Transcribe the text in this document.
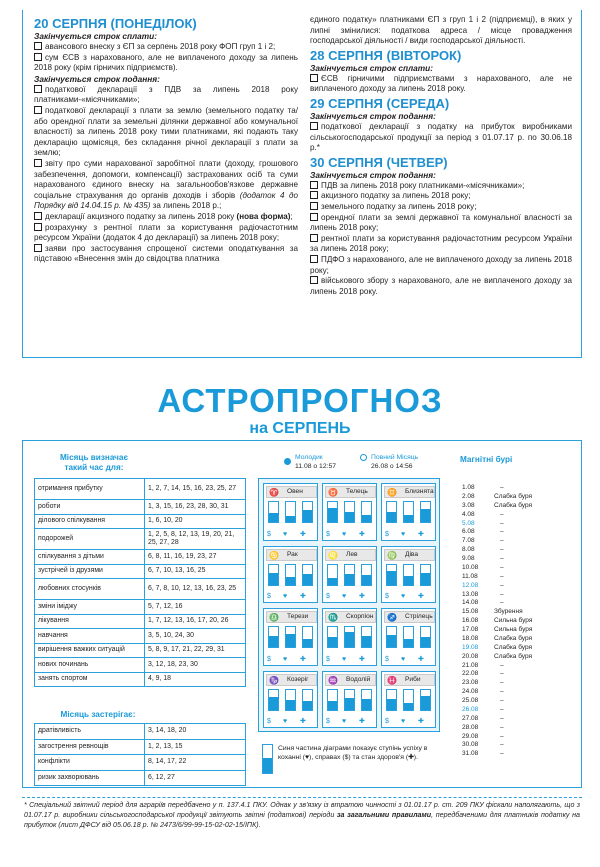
20 СЕРПНЯ (ПОНЕДІЛОК)
Закінчується строк сплати:
авансового внеску з ЄП за серпень 2018 року ФОП груп 1 і 2;
сум ЄСВ з нарахованого, але не виплаченого доходу за липень 2018 року (крім гірничих підприємств).
Закінчується строк подання:
податкової декларації з ПДВ за липень 2018 року платниками-«місячниками»;
податкової декларації з плати за землю (земельного податку та/або орендної плати за земельні ділянки державної або комунальної власності) за липень 2018 року тими платниками, які подають таку декларацію щомісяця, без складання річної декларації з плати за землю;
звіту про суми нарахованої заробітної плати (доходу, грошового забезпечення, допомоги, компенсації) застрахованих осіб та суми нарахованого єдиного внеску на загальнообов'язкове державне соціальне страхування до органів доходів і зборів (додаток 4 до Порядку від 14.04.15 р. № 435) за липень 2018 р.;
декларації акцизного податку за липень 2018 року (нова форма);
розрахунку з рентної плати за користування радіочастотним ресурсом України (додаток 4 до декларації) за липень 2018 року;
заяви про застосування спрощеної системи оподаткування за підставою «Внесення змін до свідоцтва платника
єдиного податку» платниками ЄП з груп 1 і 2 (підприємці), в яких у липні змінилися: податкова адреса / місце провадження господарської діяльності / види господарської діяльності.
28 СЕРПНЯ (ВІВТОРОК)
Закінчується строк сплати:
ЄСВ гірничими підприємствами з нарахованого, але не виплаченого доходу за липень 2018 року.
29 СЕРПНЯ (СЕРЕДА)
Закінчується строк подання:
податкової декларації з податку на прибуток виробниками сільськогосподарської продукції за період з 01.07.17 р. по 30.06.18 р.*
30 СЕРПНЯ (ЧЕТВЕР)
Закінчується строк подання:
ПДВ за липень 2018 року платниками-«місячниками»;
акцизного податку за липень 2018 року;
земельного податку за липень 2018 року;
орендної плати за землі державної та комунальної власності за липень 2018 року;
рентної плати за користування радіочастотним ресурсом України за липень 2018 року;
ПДФО з нарахованого, але не виплаченого доходу за липень 2018 року;
військового збору з нарахованого, але не виплаченого доходу за липень 2018 року.
АСТРОПРОГНОЗ
на СЕРПЕНЬ
Місяць визначає такий час для:
отримання прибутку	1, 2, 7, 14, 15, 16, 23, 25, 27
роботи	1, 3, 15, 16, 23, 28, 30, 31
ділового спілкування	1, 6, 10, 20
подорожей	1, 2, 5, 8, 12, 13, 19, 20, 21, 25, 27, 28
спілкування з дітьми	6, 8, 11, 16, 19, 23, 27
зустрічей із друзями	6, 7, 10, 13, 16, 25
любовних стосунків	6, 7, 8, 10, 12, 13, 16, 23, 25
зміни іміджу	5, 7, 12, 16
лікування	1, 7, 12, 13, 16, 17, 20, 26
навчання	3, 5, 10, 24, 30
вирішення важких ситуацій	5, 8, 9, 17, 21, 22, 29, 31
нових починань	3, 12, 18, 23, 30
занять спортом	4, 9, 18
Місяць застерігає:
дратівливість	3, 14, 18, 20
загострення ревнощів	1, 2, 13, 15
конфлікти	8, 14, 17, 22
ризик захворювань	6, 12, 27
Молодик
11.08 о 12:57
Повний Місяць
26.08 о 14:56
♈	Овен
$ ♥ ✚
♉	Телець
$ ♥ ✚
♊	Близнята
$ ♥ ✚
♋	Рак
$ ♥ ✚
♌	Лев
$ ♥ ✚
♍	Діва
$ ♥ ✚
♎	Терези
$ ♥ ✚
♏	Скорпіон
$ ♥ ✚
♐	Стрілець
$ ♥ ✚
♑	Козеріг
$ ♥ ✚
♒	Водолій
$ ♥ ✚
♓	Риби
$ ♥ ✚
Синя частина діаграми показує ступінь успіху в коханні (♥), справах ($) та стан здоров'я (✚).
Магнітні бурі
1.08	–
2.08	Слабка буря
3.08	Слабка буря
4.08	–
5.08	–
6.08	–
7.08	–
8.08	–
9.08	–
10.08	–
11.08	–
12.08	–
13.08	–
14.08	–
15.08 Збурення
16.08 Сильна буря
17.08 Сильна буря
18.08 Слабка буря
19.08 Слабка буря
20.08 Слабка буря
21.08	–
22.08	–
23.08	–
24.08	–
25.08	–
26.08	–
27.08	–
28.08	–
29.08	–
30.08	–
31.08	–
* Спеціальний звітний період для аграріїв передбачено у п. 137.4.1 ПКУ. Однак у зв'язку із втратою чинності з 01.01.17 р. ст. 209 ПКУ фіскали наполягають, що з 01.07.17 р. виробники сільськогосподарської продукції звітують звітні (податкові) періоди за загальними правилами, передбаченими для платників податку на прибуток (лист ДФСУ від 05.06.18 р. № 2473/6/99-99-15-02-02-15/ІПК).
